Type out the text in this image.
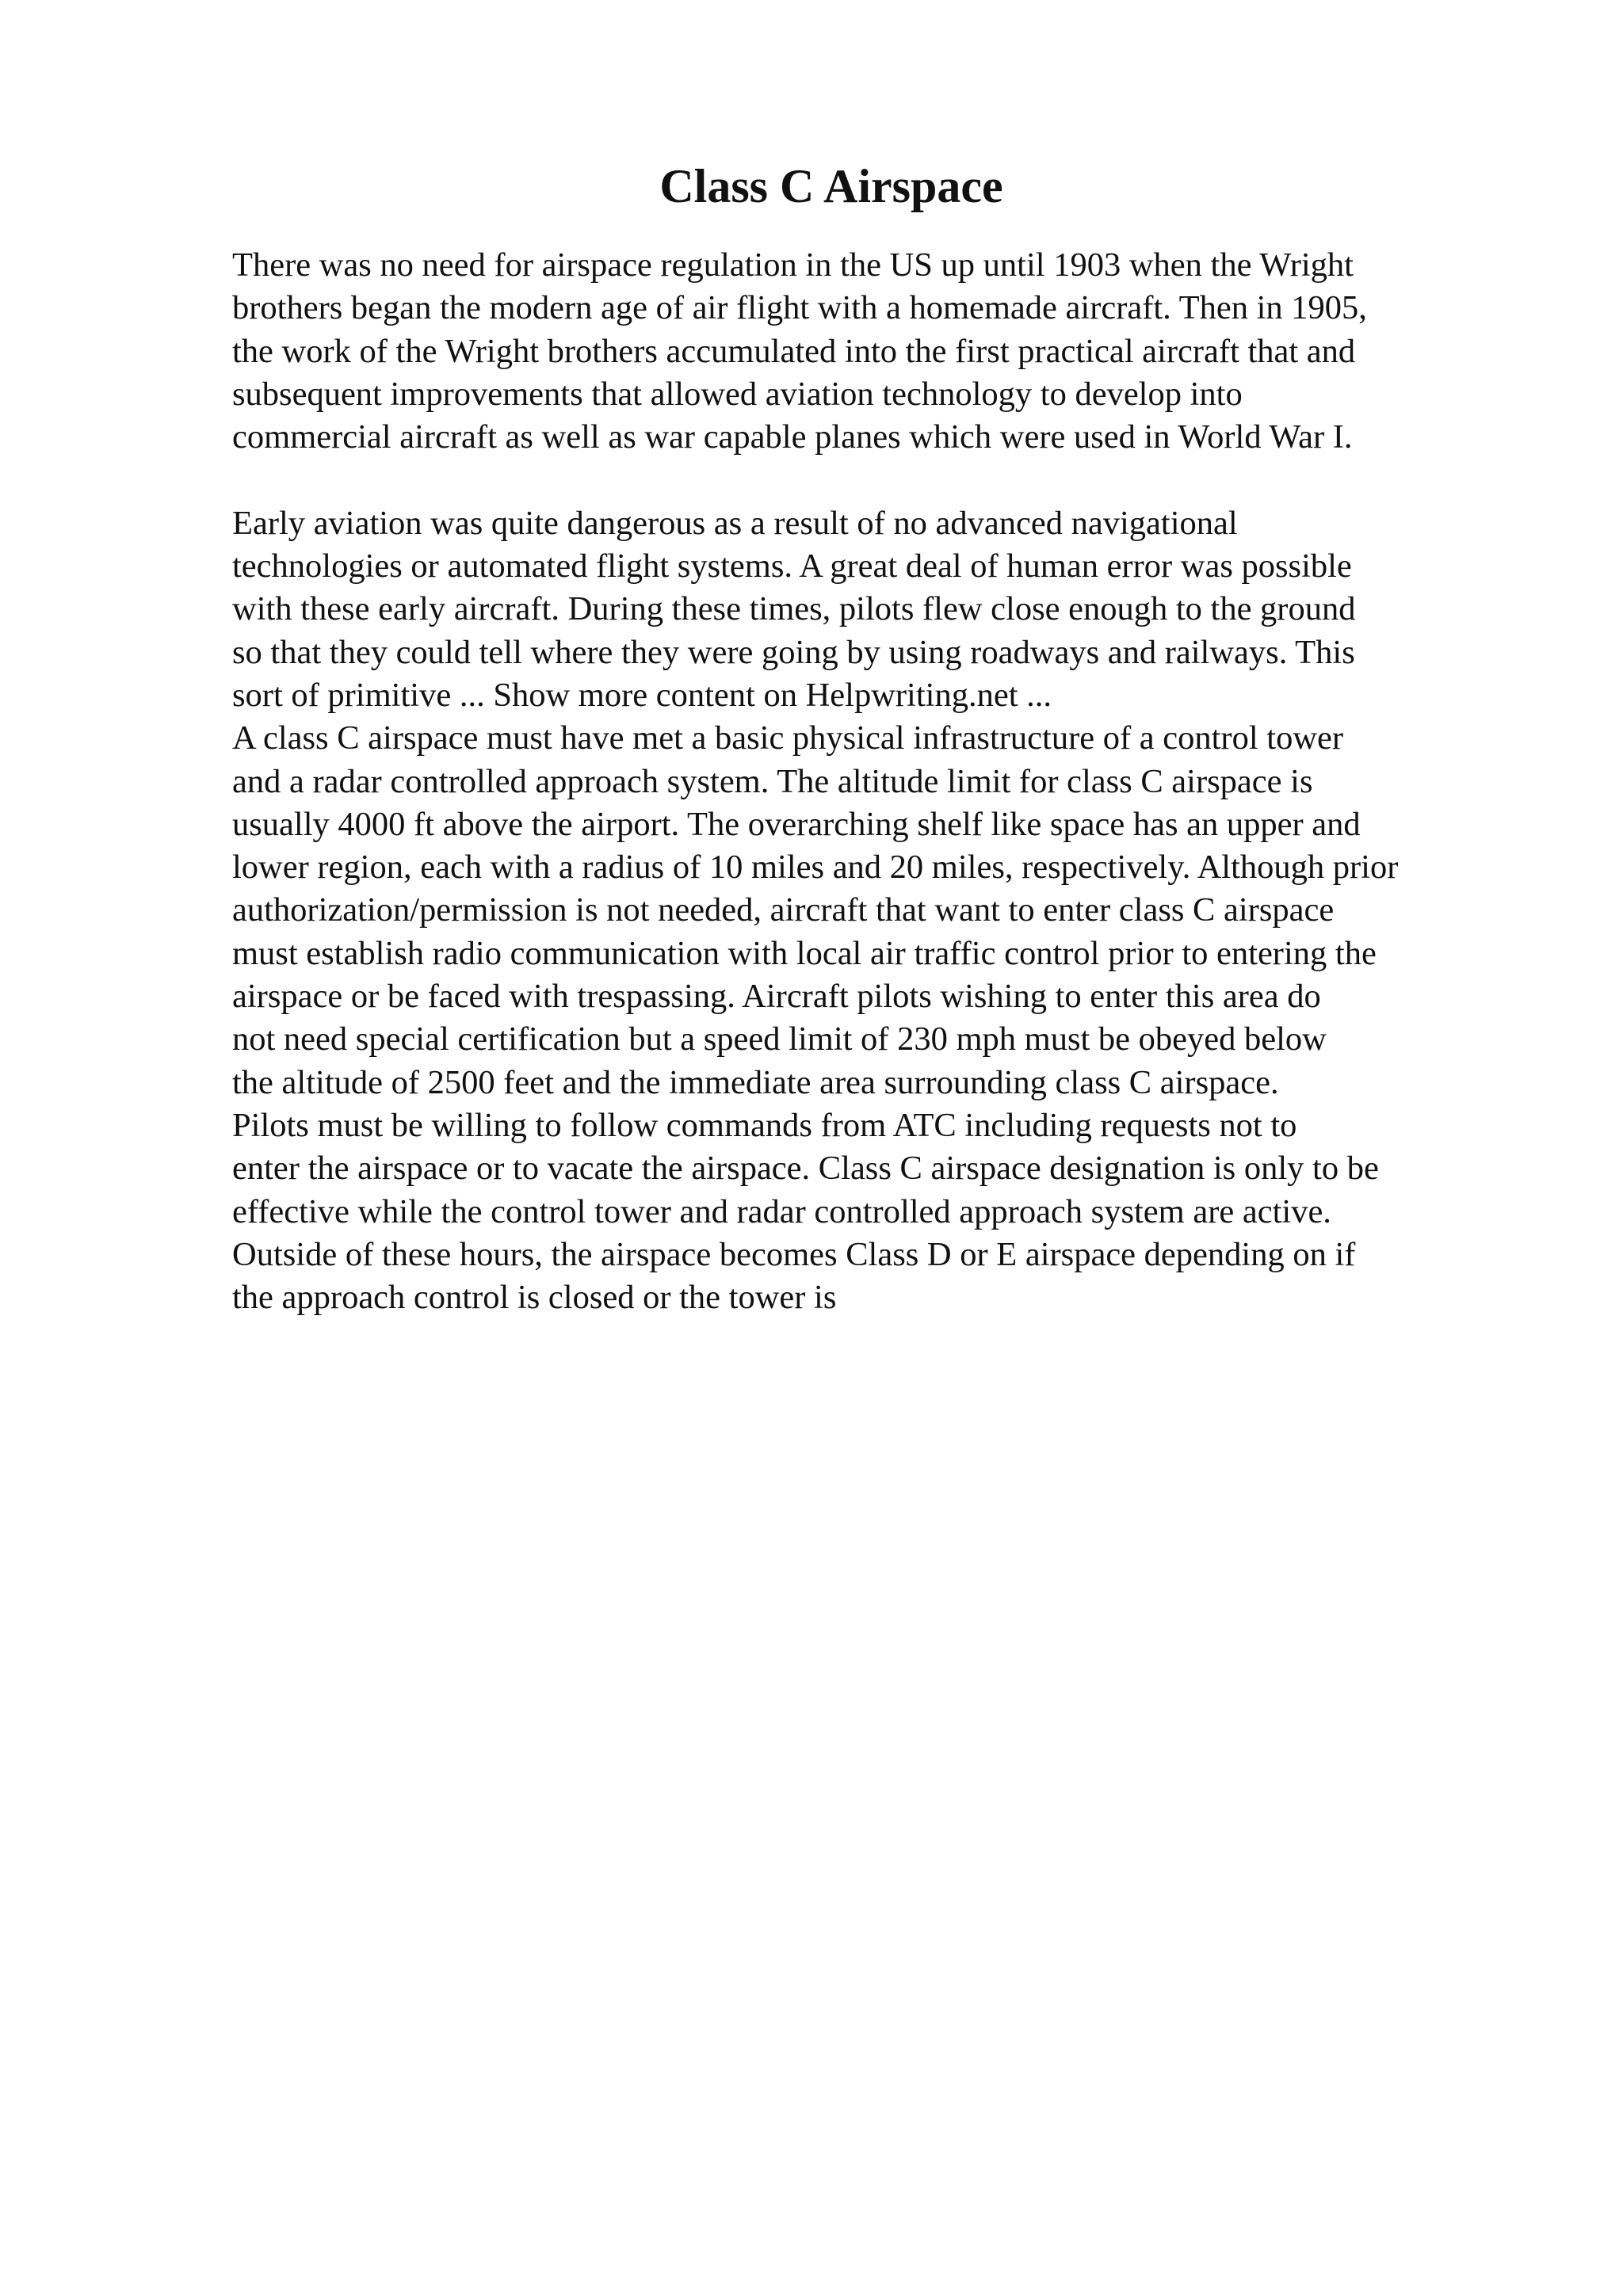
Class C Airspace
There was no need for airspace regulation in the US up until 1903 when the Wright
brothers began the modern age of air flight with a homemade aircraft. Then in 1905,
the work of the Wright brothers accumulated into the first practical aircraft that and
subsequent improvements that allowed aviation technology to develop into
commercial aircraft as well as war capable planes which were used in World War I.
Early aviation was quite dangerous as a result of no advanced navigational
technologies or automated flight systems. A great deal of human error was possible
with these early aircraft. During these times, pilots flew close enough to the ground
so that they could tell where they were going by using roadways and railways. This
sort of primitive ... Show more content on Helpwriting.net ...
A class C airspace must have met a basic physical infrastructure of a control tower
and a radar controlled approach system. The altitude limit for class C airspace is
usually 4000 ft above the airport. The overarching shelf like space has an upper and
lower region, each with a radius of 10 miles and 20 miles, respectively. Although prior
authorization/permission is not needed, aircraft that want to enter class C airspace
must establish radio communication with local air traffic control prior to entering the
airspace or be faced with trespassing. Aircraft pilots wishing to enter this area do
not need special certification but a speed limit of 230 mph must be obeyed below
the altitude of 2500 feet and the immediate area surrounding class C airspace.
Pilots must be willing to follow commands from ATC including requests not to
enter the airspace or to vacate the airspace. Class C airspace designation is only to be
effective while the control tower and radar controlled approach system are active.
Outside of these hours, the airspace becomes Class D or E airspace depending on if
the approach control is closed or the tower is
